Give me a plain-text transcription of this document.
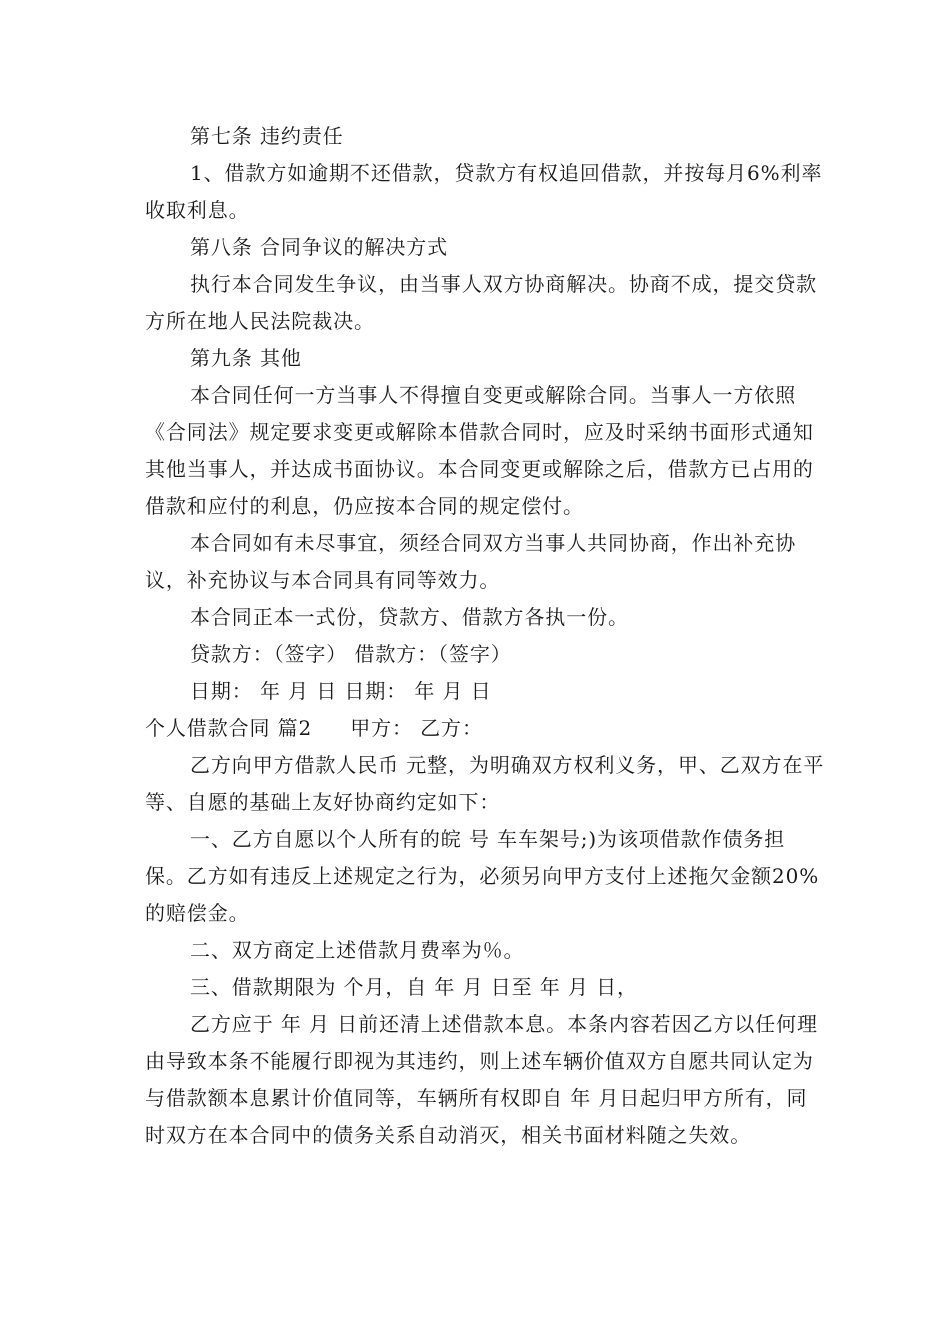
第七条 违约责任

1、借款方如逾期不还借款，贷款方有权追回借款，并按每月6%利率收取利息。

第八条 合同争议的解决方式

执行本合同发生争议，由当事人双方协商解决。协商不成，提交贷款方所在地人民法院裁决。

第九条 其他

本合同任何一方当事人不得擅自变更或解除合同。当事人一方依照《合同法》规定要求变更或解除本借款合同时，应及时采纳书面形式通知其他当事人，并达成书面协议。本合同变更或解除之后，借款方已占用的借款和应付的利息，仍应按本合同的规定偿付。

本合同如有未尽事宜，须经合同双方当事人共同协商，作出补充协议，补充协议与本合同具有同等效力。

本合同正本一式份，贷款方、借款方各执一份。

贷款方：（签字） 借款方：（签字）

日期： 年 月 日 日期： 年 月 日

个人借款合同 篇2 甲方： 乙方：

乙方向甲方借款人民币 元整，为明确双方权利义务，甲、乙双方在平等、自愿的基础上友好协商约定如下：

一、乙方自愿以个人所有的皖 号 车车架号;)为该项借款作债务担保。乙方如有违反上述规定之行为，必须另向甲方支付上述拖欠金额20%的赔偿金。

二、双方商定上述借款月费率为％。

三、借款期限为 个月，自 年 月 日至 年 月 日，

乙方应于 年 月 日前还清上述借款本息。本条内容若因乙方以任何理由导致本条不能履行即视为其违约，则上述车辆价值双方自愿共同认定为与借款额本息累计价值同等，车辆所有权即自 年 月日起归甲方所有，同时双方在本合同中的债务关系自动消灭，相关书面材料随之失效。
